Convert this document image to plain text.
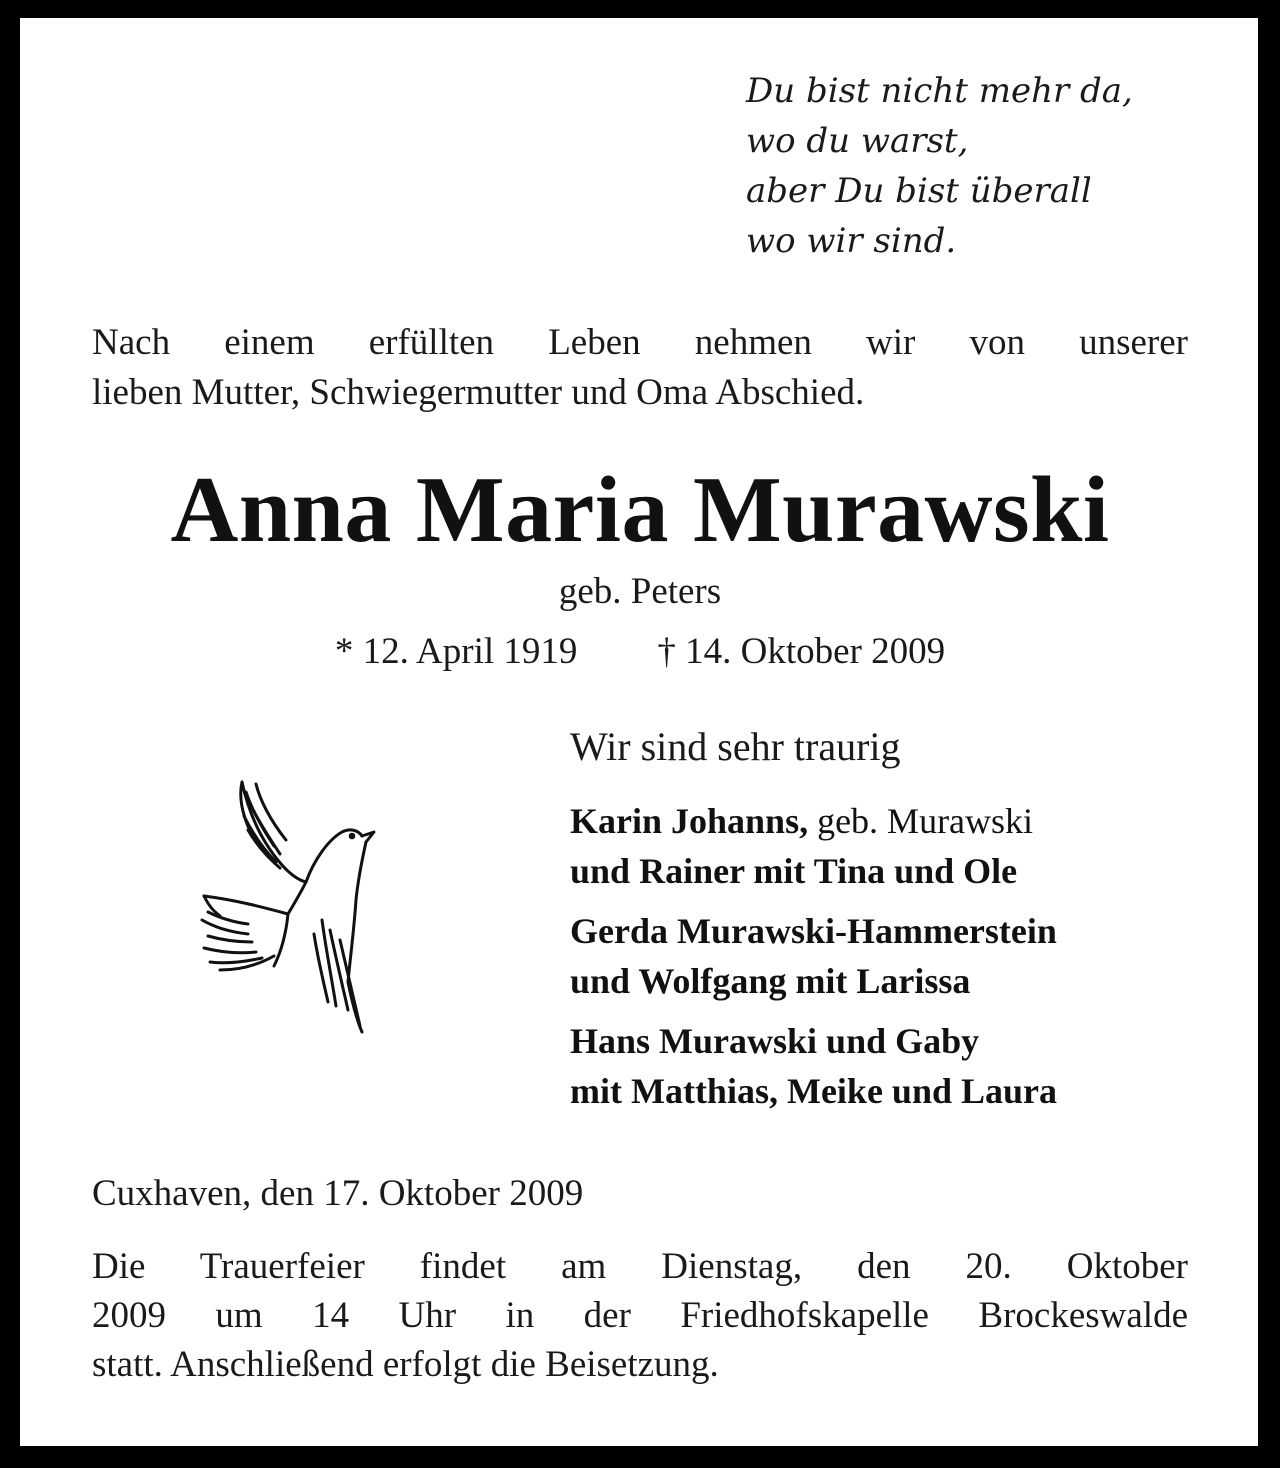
Du bist nicht mehr da,
wo du warst,
aber Du bist überall
wo wir sind.
Nach einem erfüllten Leben nehmen wir von unserer
lieben Mutter, Schwiegermutter und Oma Abschied.
Anna Maria Murawski
geb. Peters
* 12. April 1919 † 14. Oktober 2009
Wir sind sehr traurig
Karin Johanns, geb. Murawski
und Rainer mit Tina und Ole
Gerda Murawski-Hammerstein
und Wolfgang mit Larissa
Hans Murawski und Gaby
mit Matthias, Meike und Laura
Cuxhaven, den 17. Oktober 2009
Die Trauerfeier findet am Dienstag, den 20. Oktober
2009 um 14 Uhr in der Friedhofskapelle Brockeswalde
statt. Anschließend erfolgt die Beisetzung.
